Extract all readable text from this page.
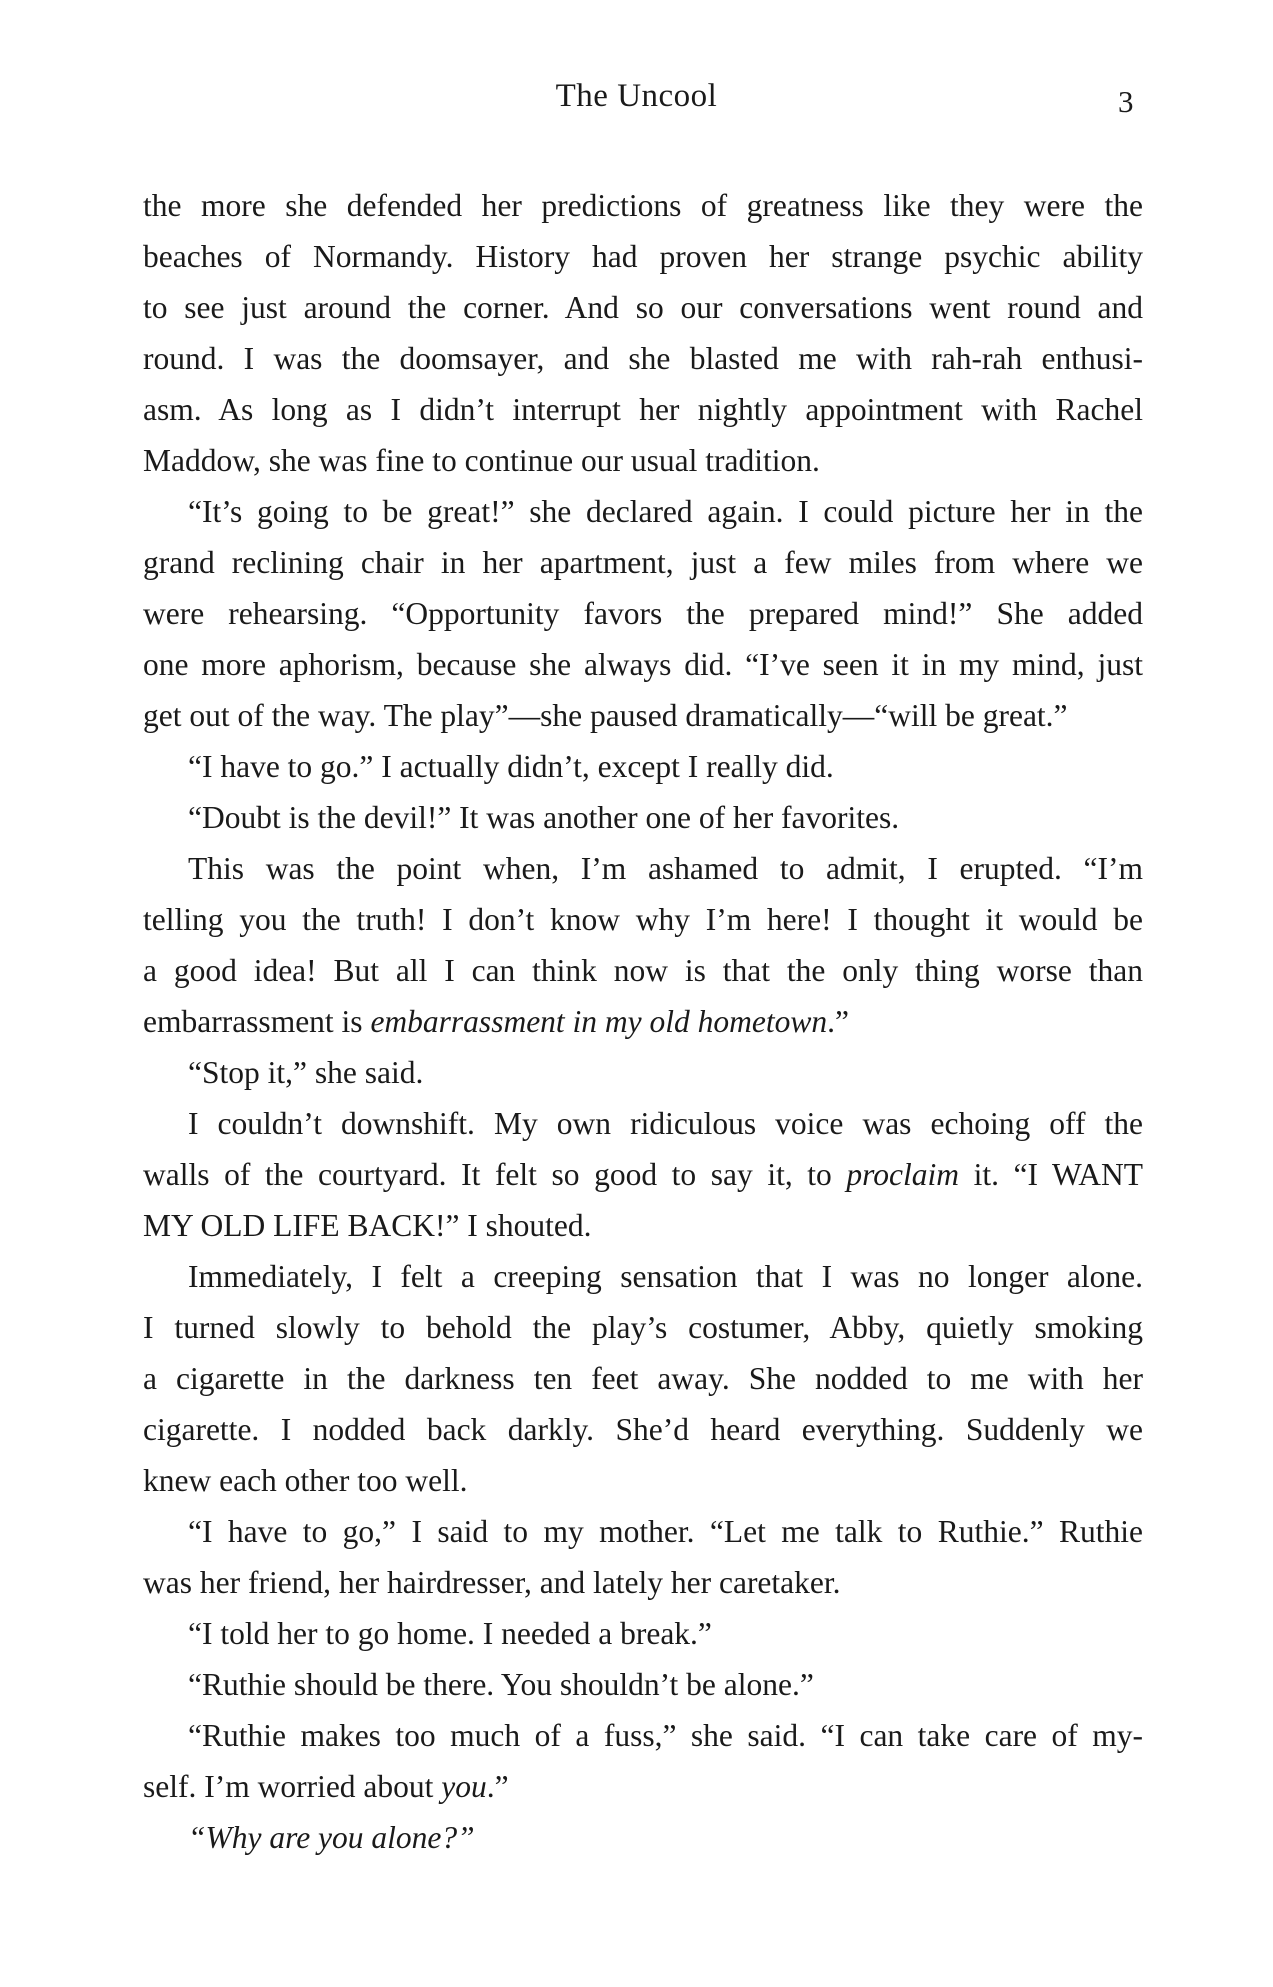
The Uncool	3
the more she defended her predictions of greatness like they were the
beaches of Normandy. History had proven her strange psychic ability
to see just around the corner. And so our conversations went round and
round. I was the doomsayer, and she blasted me with rah-rah enthusi-
asm. As long as I didn’t interrupt her nightly appointment with Rachel
Maddow, she was fine to continue our usual tradition.
“It’s going to be great!” she declared again. I could picture her in the
grand reclining chair in her apartment, just a few miles from where we
were rehearsing. “Opportunity favors the prepared mind!” She added
one more aphorism, because she always did. “I’ve seen it in my mind, just
get out of the way. The play”—she paused dramatically—“will be great.”
“I have to go.” I actually didn’t, except I really did.
“Doubt is the devil!” It was another one of her favorites.
This was the point when, I’m ashamed to admit, I erupted. “I’m
telling you the truth! I don’t know why I’m here! I thought it would be
a good idea! But all I can think now is that the only thing worse than
embarrassment is embarrassment in my old hometown.”
“Stop it,” she said.
I couldn’t downshift. My own ridiculous voice was echoing off the
walls of the courtyard. It felt so good to say it, to proclaim it. “I WANT
MY OLD LIFE BACK!” I shouted.
Immediately, I felt a creeping sensation that I was no longer alone.
I turned slowly to behold the play’s costumer, Abby, quietly smoking
a cigarette in the darkness ten feet away. She nodded to me with her
cigarette. I nodded back darkly. She’d heard everything. Suddenly we
knew each other too well.
“I have to go,” I said to my mother. “Let me talk to Ruthie.” Ruthie
was her friend, her hairdresser, and lately her caretaker.
“I told her to go home. I needed a break.”
“Ruthie should be there. You shouldn’t be alone.”
“Ruthie makes too much of a fuss,” she said. “I can take care of my-
self. I’m worried about you.”
“Why are you alone?”
